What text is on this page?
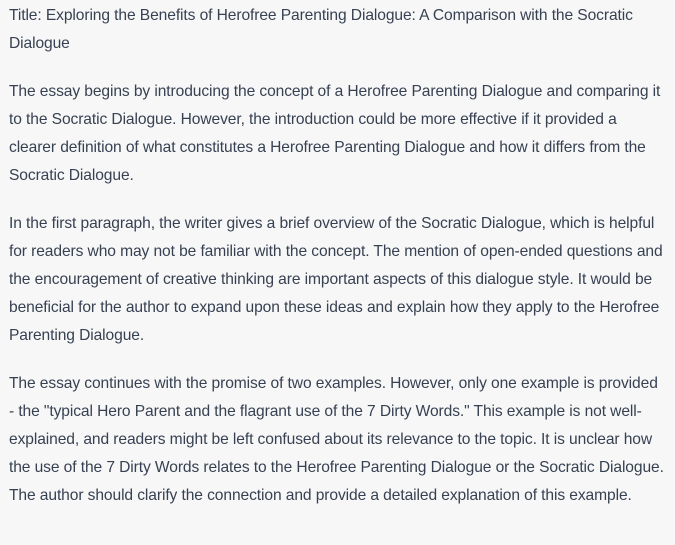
Title: Exploring the Benefits of Herofree Parenting Dialogue: A Comparison with the Socratic Dialogue

The essay begins by introducing the concept of a Herofree Parenting Dialogue and comparing it to the Socratic Dialogue. However, the introduction could be more effective if it provided a clearer definition of what constitutes a Herofree Parenting Dialogue and how it differs from the Socratic Dialogue.

In the first paragraph, the writer gives a brief overview of the Socratic Dialogue, which is helpful for readers who may not be familiar with the concept. The mention of open-ended questions and the encouragement of creative thinking are important aspects of this dialogue style. It would be beneficial for the author to expand upon these ideas and explain how they apply to the Herofree Parenting Dialogue.

The essay continues with the promise of two examples. However, only one example is provided - the "typical Hero Parent and the flagrant use of the 7 Dirty Words." This example is not well-explained, and readers might be left confused about its relevance to the topic. It is unclear how the use of the 7 Dirty Words relates to the Herofree Parenting Dialogue or the Socratic Dialogue. The author should clarify the connection and provide a detailed explanation of this example.
